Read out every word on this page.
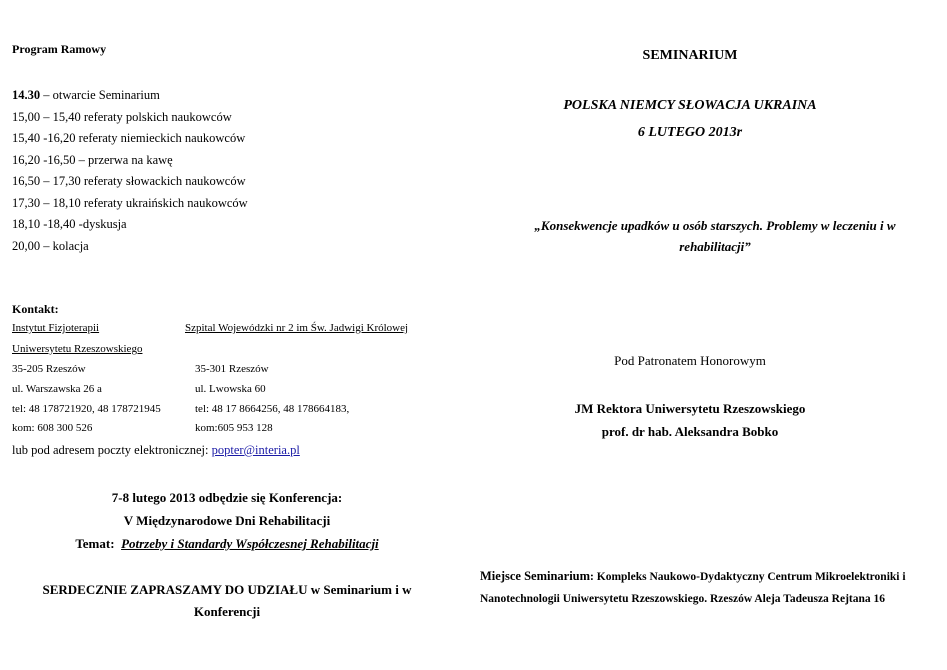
Program Ramowy
14.30 – otwarcie Seminarium
15,00 – 15,40 referaty polskich naukowców
15,40 -16,20 referaty niemieckich naukowców
16,20 -16,50 – przerwa na kawę
16,50 – 17,30 referaty słowackich naukowców
17,30 – 18,10 referaty ukraińskich naukowców
18,10 -18,40 -dyskusja
20,00 – kolacja
Kontakt:
Instytut Fizjoterapii
Uniwersytetu Rzeszowskiego
Szpital Wojewódzki nr 2 im Św. Jadwigi Królowej
35-205 Rzeszów
ul. Warszawska 26 a
tel: 48 178721920, 48 178721945
kom: 608 300 526
35-301 Rzeszów
ul. Lwowska 60
tel: 48 17 8664256, 48 178664183,
kom:605 953 128
lub pod adresem poczty elektronicznej: popter@interia.pl
7-8 lutego 2013 odbędzie się Konferencja:
V Międzynarodowe Dni Rehabilitacji
Temat: Potrzeby i Standardy Współczesnej Rehabilitacji
SERDECZNIE ZAPRASZAMY DO UDZIAŁU w Seminarium i w Konferencji
SEMINARIUM
POLSKA NIEMCY SŁOWACJA UKRAINA
6 LUTEGO 2013r
„Konsekwencje upadków u osób starszych. Problemy w leczeniu i w rehabilitacji”
Pod Patronatem Honorowym
JM Rektora Uniwersytetu Rzeszowskiego
prof. dr hab. Aleksandra Bobko
Miejsce Seminarium: Kompleks Naukowo-Dydaktyczny Centrum Mikroelektroniki i Nanotechnologii Uniwersytetu Rzeszowskiego. Rzeszów Aleja Tadeusza Rejtana 16
